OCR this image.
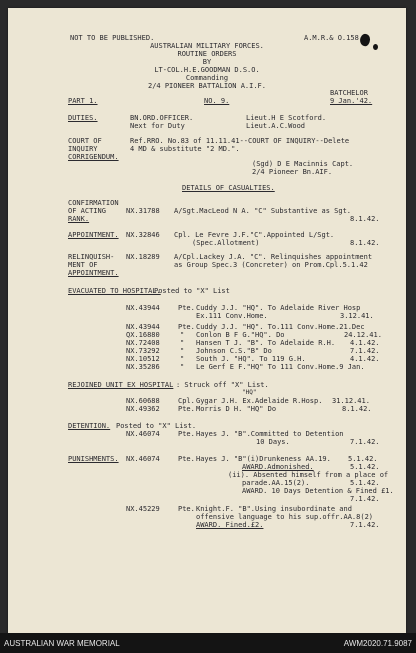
NOT TO BE PUBLISHED.	A.M.R.& O.158
AUSTRALIAN MILITARY FORCES.
ROUTINE ORDERS
BY
LT-COL.H.E.GOODMAN D.S.O.
Commanding
2/4 PIONEER BATTALION A.I.F.
BATCHELOR
PART 1.	NO. 9.	9 Jan.'42.
DUTIES.	BN.ORD.OFFICER.	Lieut.H E Scotford.
Next for Duty	Lieut.A.C.Wood
COURT OF
INQUIRY
CORRIGENDUM.
Ref.RRO. No.83 of 11.11.41--COURT OF INQUIRY--Delete
4 MD & substitute "2 MD.".
(Sgd) D E Macinnis Capt.
2/4 Pioneer Bn.AIF.
DETAILS OF CASUALTIES.
CONFIRMATION
OF ACTING
RANK.
NX.31788 A/Sgt.MacLeod N A. "C" Substantive as Sgt.
8.1.42.
APPOINTMENT. NX.32846 Cpl. Le Fevre J.F."C".Appointed L/Sgt.
(Spec.Allotment)	8.1.42.
RELINQUISH-
MENT OF
APPOINTMENT.
NX.18289 A/Cpl.Lackey J.A. "C". Relinquishes appointment
as Group Spec.3 (Concreter) on Prom.Cpl.5.1.42
EVACUATED TO HOSPITAL.
Posted to "X" List
NX.43944	Pte. Cuddy J.J. "HQ". To Adelaide River Hosp
Ex.111 Conv.Home.	3.12.41.
NX.43944	Pte. Cuddy J.J. "HQ". To.111 Conv.Home.21.Dec
QX.16880	" Conlon B F G."HQ". Do	24.12.41.
NX.72408	" Hansen T J. "B". To Adelaide R.H. 4.1.42.
NX.73292	" Johnson C.S."B" Do	7.1.42.
NX.10512	" South J. "HQ". To 119 G.H.	4.1.42.
NX.35286	" Le Gerf E F."HQ" To 111 Conv.Home.9 Jan.
REJOINED UNIT EX HOSPITAL : Struck off "X" List.
"HQ"
NX.60688	Cpl. Gygar J.H. Ex.Adelaide R.Hosp. 31.12.41.
NX.49362	Pte. Morris D H. "HQ" Do	8.1.42.
DETENTION. Posted to "X" List.
NX.46074	Pte. Hayes J. "B".Committed to Detention
10 Days.	7.1.42.
PUNISHMENTS. NX.46074	Pte. Hayes J. "B"(i)Drunkeness AA.19. 5.1.42.
AWARD.Admonished.	5.1.42.
(ii). Absented himself from a place of
parade.AA.15(2).	5.1.42.
AWARD. 10 Days Detention & Fined £1.
7.1.42.
NX.45229	Pte. Knight.F. "B".Using insubordinate and
offensive language to his sup.offr.AA.8(2)
AWARD. Fined.£2.	7.1.42.
AUSTRALIAN WAR MEMORIAL	AWM2020.71.9087
